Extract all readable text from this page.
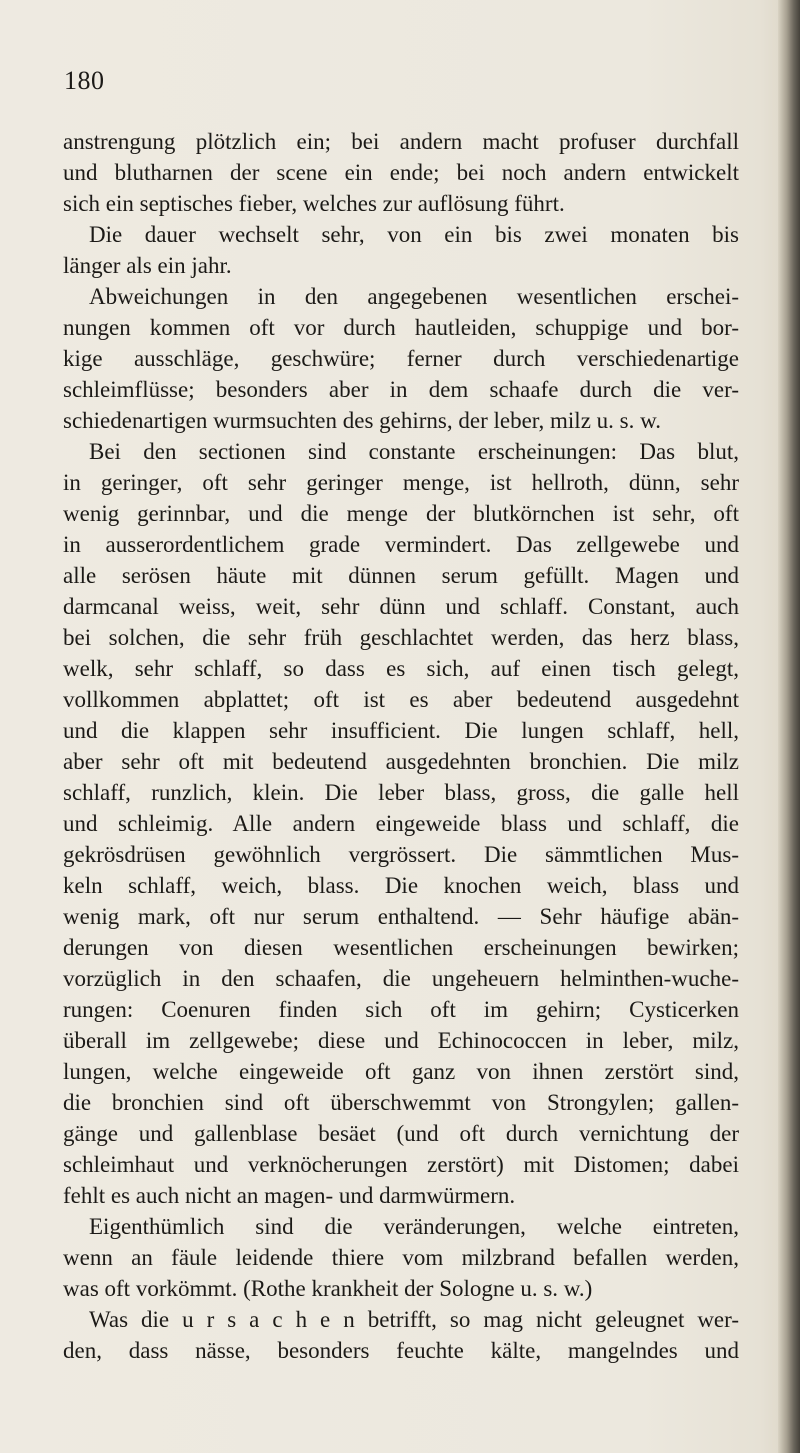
180
anstrengung plötzlich ein; bei andern macht profuser durchfall
und blutharnen der scene ein ende; bei noch andern entwickelt
sich ein septisches fieber, welches zur auflösung führt.
Die dauer wechselt sehr, von ein bis zwei monaten bis
länger als ein jahr.
Abweichungen in den angegebenen wesentlichen erschei-
nungen kommen oft vor durch hautleiden, schuppige und bor-
kige ausschläge, geschwüre; ferner durch verschiedenartige
schleimflüsse; besonders aber in dem schaafe durch die ver-
schiedenartigen wurmsuchten des gehirns, der leber, milz u. s. w.
Bei den sectionen sind constante erscheinungen: Das blut,
in geringer, oft sehr geringer menge, ist hellroth, dünn, sehr
wenig gerinnbar, und die menge der blutkörnchen ist sehr, oft
in ausserordentlichem grade vermindert. Das zellgewebe und
alle serösen häute mit dünnen serum gefüllt. Magen und
darmcanal weiss, weit, sehr dünn und schlaff. Constant, auch
bei solchen, die sehr früh geschlachtet werden, das herz blass,
welk, sehr schlaff, so dass es sich, auf einen tisch gelegt,
vollkommen abplattet; oft ist es aber bedeutend ausgedehnt
und die klappen sehr insufficient. Die lungen schlaff, hell,
aber sehr oft mit bedeutend ausgedehnten bronchien. Die milz
schlaff, runzlich, klein. Die leber blass, gross, die galle hell
und schleimig. Alle andern eingeweide blass und schlaff, die
gekrösdrüsen gewöhnlich vergrössert. Die sämmtlichen Mus-
keln schlaff, weich, blass. Die knochen weich, blass und
wenig mark, oft nur serum enthaltend. — Sehr häufige abän-
derungen von diesen wesentlichen erscheinungen bewirken;
vorzüglich in den schaafen, die ungeheuern helminthen-wuche-
rungen: Coenuren finden sich oft im gehirn; Cysticerken
überall im zellgewebe; diese und Echinococcen in leber, milz,
lungen, welche eingeweide oft ganz von ihnen zerstört sind,
die bronchien sind oft überschwemmt von Strongylen; gallen-
gänge und gallenblase besäet (und oft durch vernichtung der
schleimhaut und verknöcherungen zerstört) mit Distomen; dabei
fehlt es auch nicht an magen- und darmwürmern.
Eigenthümlich sind die veränderungen, welche eintreten,
wenn an fäule leidende thiere vom milzbrand befallen werden,
was oft vorkömmt. (Rothe krankheit der Sologne u. s. w.)
Was die u r s a c h e n betrifft, so mag nicht geleugnet wer-
den, dass nässe, besonders feuchte kälte, mangelndes und
